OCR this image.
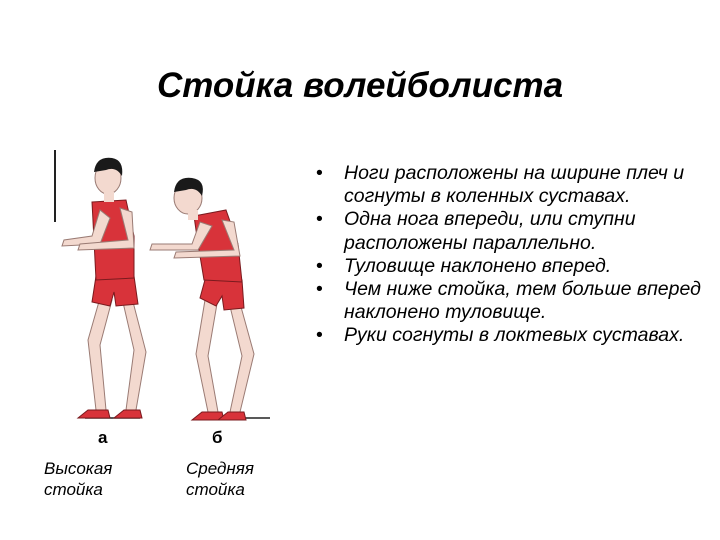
Стойка волейболиста
а	б
Высокая
стойка
Средняя
стойка
• Ноги расположены на ширине плеч и согнуты в коленных суставах.
• Одна нога впереди, или ступни расположены параллельно.
• Туловище наклонено вперед.
• Чем ниже стойка, тем больше вперед наклонено туловище.
• Руки согнуты в локтевых суставах.
